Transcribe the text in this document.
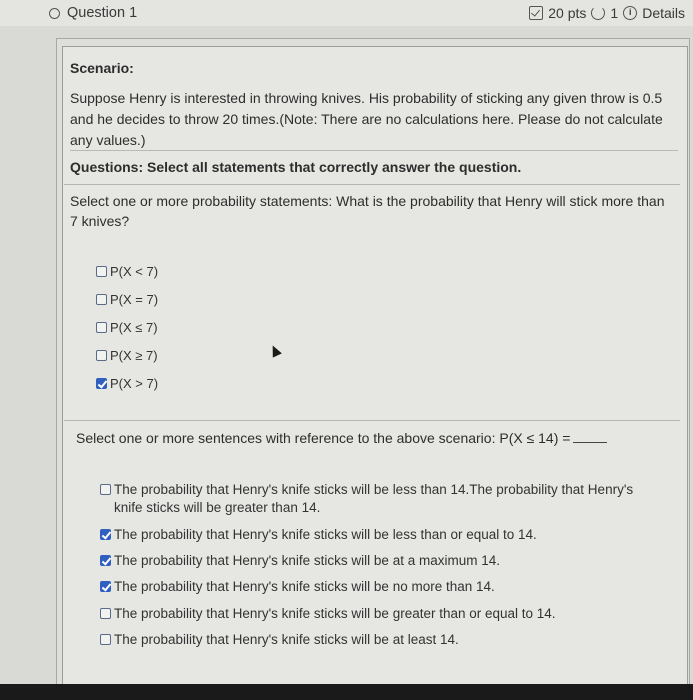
Question 1	20 pts 1	i Details
Scenario:
Suppose Henry is interested in throwing knives. His probability of sticking any given throw is 0.5 and he decides to throw 20 times.(Note: There are no calculations here. Please do not calculate any values.)
Questions: Select all statements that correctly answer the question.
Select one or more probability statements: What is the probability that Henry will stick more than 7 knives?
P(X < 7)
P(X = 7)
P(X ≤ 7)
P(X ≥ 7)
P(X > 7)
Select one or more sentences with reference to the above scenario: P(X ≤ 14) =
The probability that Henry's knife sticks will be less than 14.The probability that Henry's knife sticks will be greater than 14.
The probability that Henry's knife sticks will be less than or equal to 14.
The probability that Henry's knife sticks will be at a maximum 14.
The probability that Henry's knife sticks will be no more than 14.
The probability that Henry's knife sticks will be greater than or equal to 14.
The probability that Henry's knife sticks will be at least 14.
